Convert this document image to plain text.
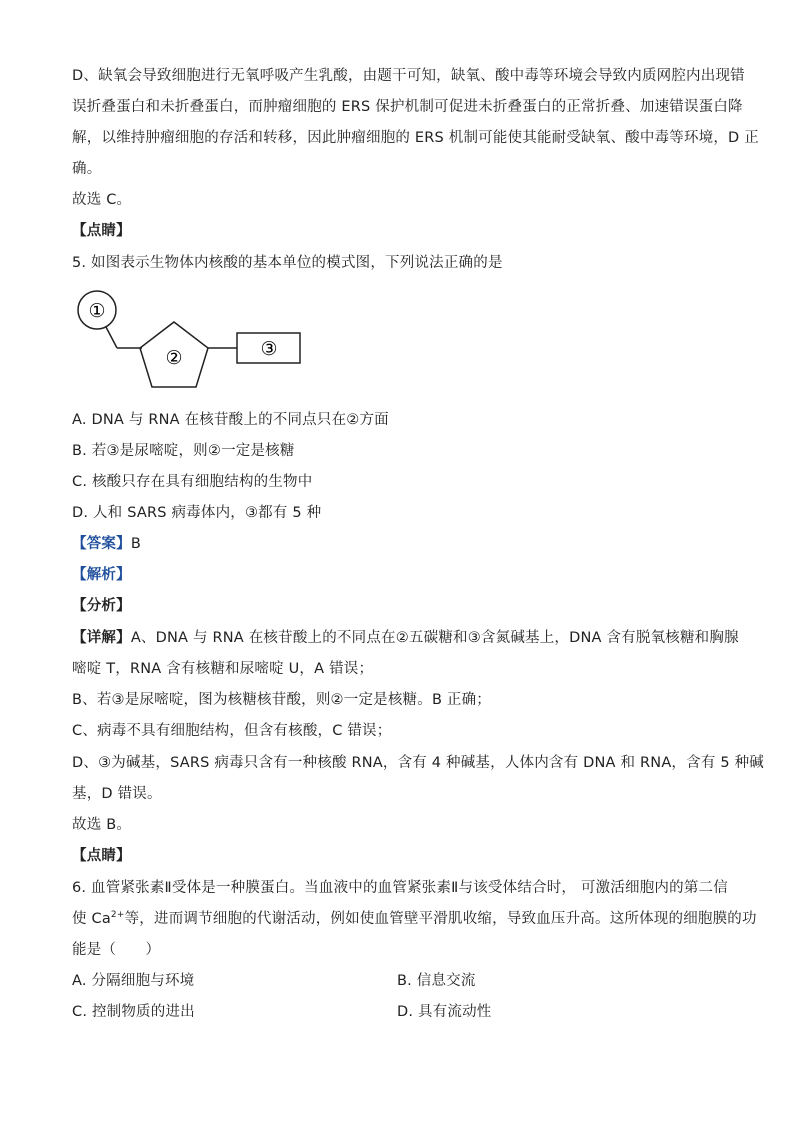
D、缺氧会导致细胞进行无氧呼吸产生乳酸，由题干可知，缺氧、酸中毒等环境会导致内质网腔内出现错
误折叠蛋白和未折叠蛋白，而肿瘤细胞的 ERS 保护机制可促进未折叠蛋白的正常折叠、加速错误蛋白降
解，以维持肿瘤细胞的存活和转移，因此肿瘤细胞的 ERS 机制可能使其能耐受缺氧、酸中毒等环境，D 正
确。
故选 C。
【点睛】
5. 如图表示生物体内核酸的基本单位的模式图，下列说法正确的是
①
②	③
A. DNA 与 RNA 在核苷酸上的不同点只在②方面
B. 若③是尿嘧啶，则②一定是核糖
C. 核酸只存在具有细胞结构的生物中
D. 人和 SARS 病毒体内，③都有 5 种
【答案】B
【解析】
【分析】
【详解】A、DNA 与 RNA 在核苷酸上的不同点在②五碳糖和③含氮碱基上，DNA 含有脱氧核糖和胸腺
嘧啶 T，RNA 含有核糖和尿嘧啶 U，A 错误；
B、若③是尿嘧啶，图为核糖核苷酸，则②一定是核糖。B 正确；
C、病毒不具有细胞结构，但含有核酸，C 错误；
D、③为碱基，SARS 病毒只含有一种核酸 RNA，含有 4 种碱基，人体内含有 DNA 和 RNA，含有 5 种碱
基，D 错误。
故选 B。
【点睛】
6. 血管紧张素Ⅱ受体是一种膜蛋白。当血液中的血管紧张素Ⅱ与该受体结合时， 可激活细胞内的第二信
使 $Ca^{2+}$等，进而调节细胞的代谢活动，例如使血管壁平滑肌收缩，导致血压升高。这所体现的细胞膜的功
能是（　　）
A. 分隔细胞与环境	B. 信息交流
C. 控制物质的进出	D. 具有流动性
